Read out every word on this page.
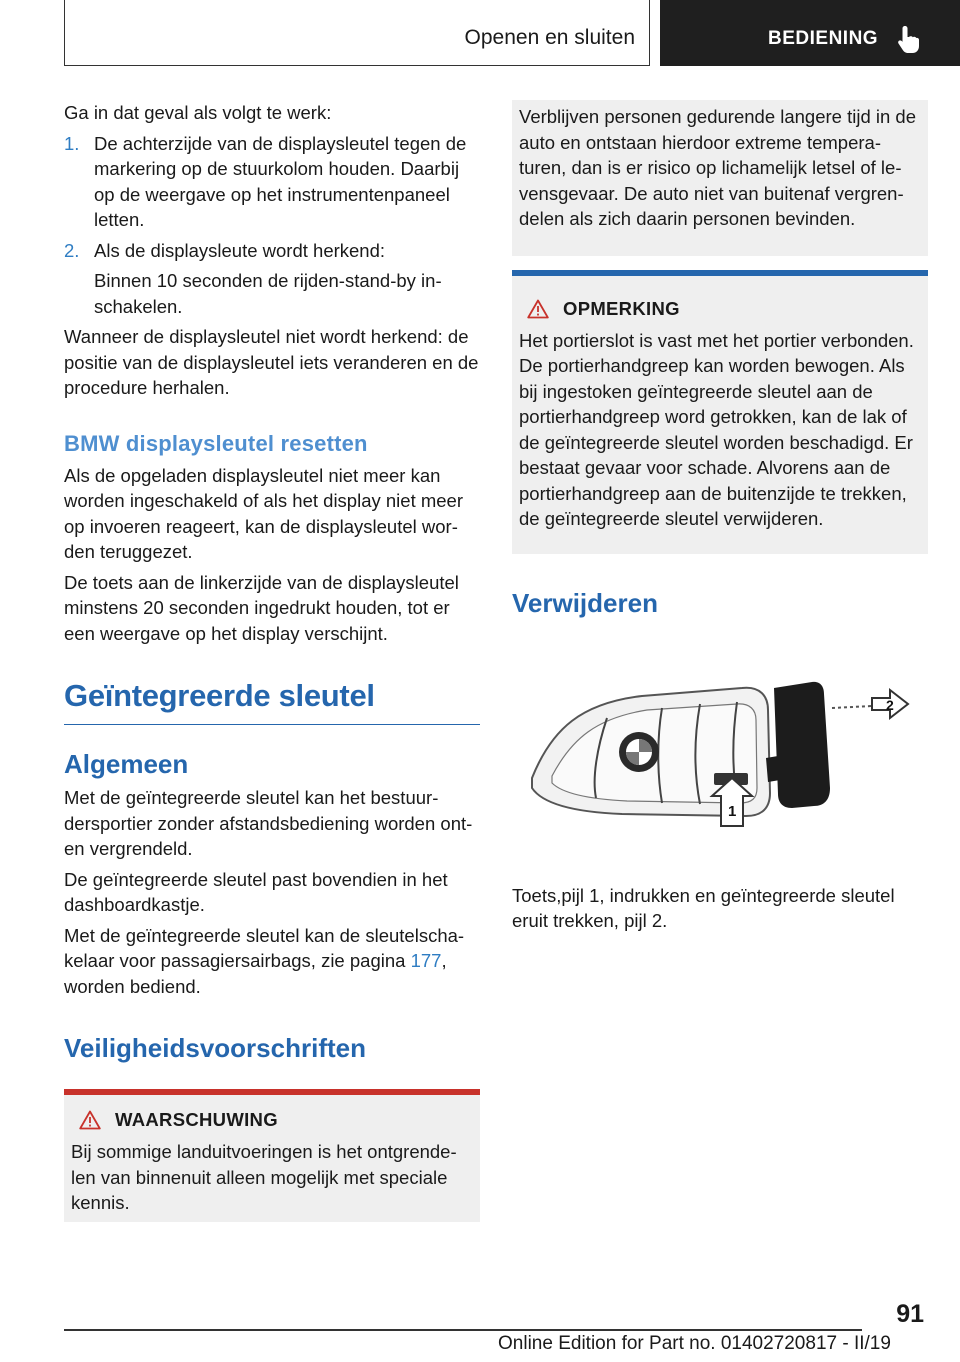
Openen en sluiten	BEDIENING

Ga in dat geval als volgt te werk:

1. De achterzijde van de displaysleutel tegen de markering op de stuurkolom houden. Daarbij op de weergave op het instrumentenpaneel letten.
2. Als de displaysleute wordt herkend:
Binnen 10 seconden de rijden-stand-by inschakelen.

Wanneer de displaysleutel niet wordt herkend: de positie van de displaysleutel iets veranderen en de procedure herhalen.

BMW displaysleutel resetten

Als de opgeladen displaysleutel niet meer kan worden ingeschakeld of als het display niet meer op invoeren reageert, kan de displaysleutel worden teruggezet.

De toets aan de linkerzijde van de displaysleutel minstens 20 seconden ingedrukt houden, tot er een weergave op het display verschijnt.

Geïntegreerde sleutel
Algemeen

Met de geïntegreerde sleutel kan het bestuurdersportier zonder afstandsbediening worden ont- en vergrendeld.

De geïntegreerde sleutel past bovendien in het dashboardkastje.

Met de geïntegreerde sleutel kan de sleutelschakelaar voor passagiersairbags, zie pagina 177, worden bediend.

Veiligheidsvoorschriften
WAARSCHUWING
Bij sommige landuitvoeringen is het ontgrendelen van binnenuit alleen mogelijk met speciale kennis.
Verblijven personen gedurende langere tijd in de auto en ontstaan hierdoor extreme temperaturen, dan is er risico op lichamelijk letsel of levensgevaar. De auto niet van buitenaf vergrendelen als zich daarin personen bevinden.
OPMERKING
Het portierslot is vast met het portier verbonden. De portierhandgreep kan worden bewogen. Als bij ingestoken geïntegreerde sleutel aan de portierhandgreep word getrokken, kan de lak of de geïntegreerde sleutel worden beschadigd. Er bestaat gevaar voor schade. Alvorens aan de portierhandgreep aan de buitenzijde te trekken, de geïntegreerde sleutel verwijderen.
Verwijderen
2
1

Toets,pijl 1, indrukken en geïntegreerde sleutel eruit trekken, pijl 2.

91
Online Edition for Part no. 01402720817 - II/19
